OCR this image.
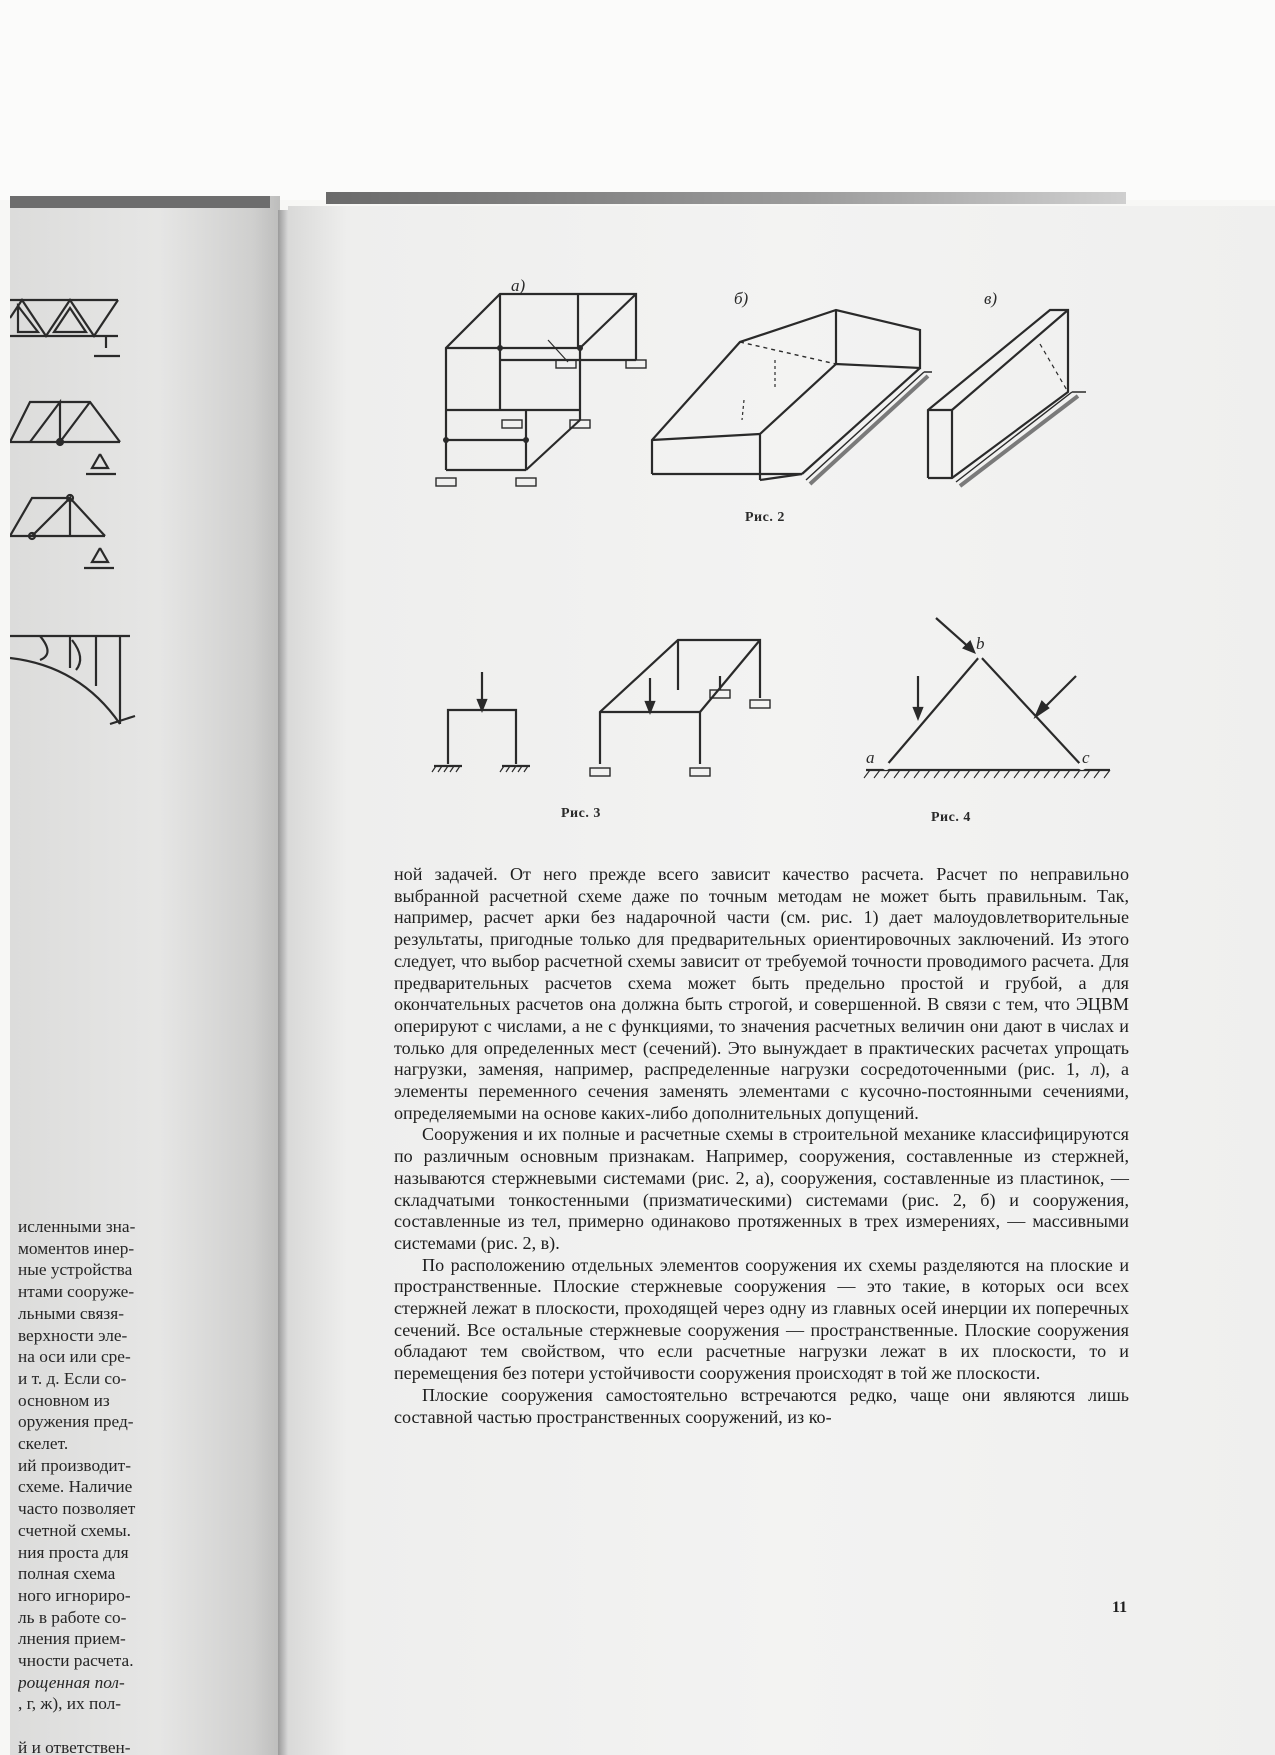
исленными зна-
моментов инер-
ные устройства
нтами сооруже-
льными связя-
верхности эле-
на оси или сре-
и т. д. Если со-
основном из
оружения пред-
скелет.
ий производит-
схеме. Наличие
часто позволяет
счетной схемы.
ния проста для
полная схема
ного игнориро-
ль в работе со-
лнения прием-
чности расчета.
рощенная пол-
, г, ж), их пол-
й и ответствен-
а)
б)	в)
a
b
c
Рис. 2
Рис. 3	Рис. 4

ной задачей. От него прежде всего зависит качество расчета. Расчет по неправильно выбранной расчетной схеме даже по точным методам не может быть правильным. Так, например, расчет арки без надарочной части (см. рис. 1) дает малоудовлетворительные результаты, пригодные только для предварительных ориентировочных заключений. Из этого следует, что выбор расчетной схемы зависит от требуемой точности проводимого расчета. Для предварительных расчетов схема может быть предельно простой и грубой, а для окончательных расчетов она должна быть строгой, и совершенной. В связи с тем, что ЭЦВМ оперируют с числами, а не с функциями, то значения расчетных величин они дают в числах и только для определенных мест (сечений). Это вынуждает в практических расчетах упрощать нагрузки, заменяя, например, распределенные нагрузки сосредоточенными (рис. 1, л), а элементы переменного сечения заменять элементами с кусочно-постоянными сечениями, определяемыми на основе каких-либо дополнительных допущений.

Сооружения и их полные и расчетные схемы в строительной механике классифицируются по различным основным признакам. Например, сооружения, составленные из стержней, называются стержневыми системами (рис. 2, а), сооружения, составленные из пластинок, — складчатыми тонкостенными (призматическими) системами (рис. 2, б) и сооружения, составленные из тел, примерно одинаково протяженных в трех измерениях, — массивными системами (рис. 2, в).

По расположению отдельных элементов сооружения их схемы разделяются на плоские и пространственные. Плоские стержневые сооружения — это такие, в которых оси всех стержней лежат в плоскости, проходящей через одну из главных осей инерции их поперечных сечений. Все остальные стержневые сооружения — пространственные. Плоские сооружения обладают тем свойством, что если расчетные нагрузки лежат в их плоскости, то и перемещения без потери устойчивости сооружения происходят в той же плоскости.

Плоские сооружения самостоятельно встречаются редко, чаще они являются лишь составной частью пространственных сооружений, из ко-

11
